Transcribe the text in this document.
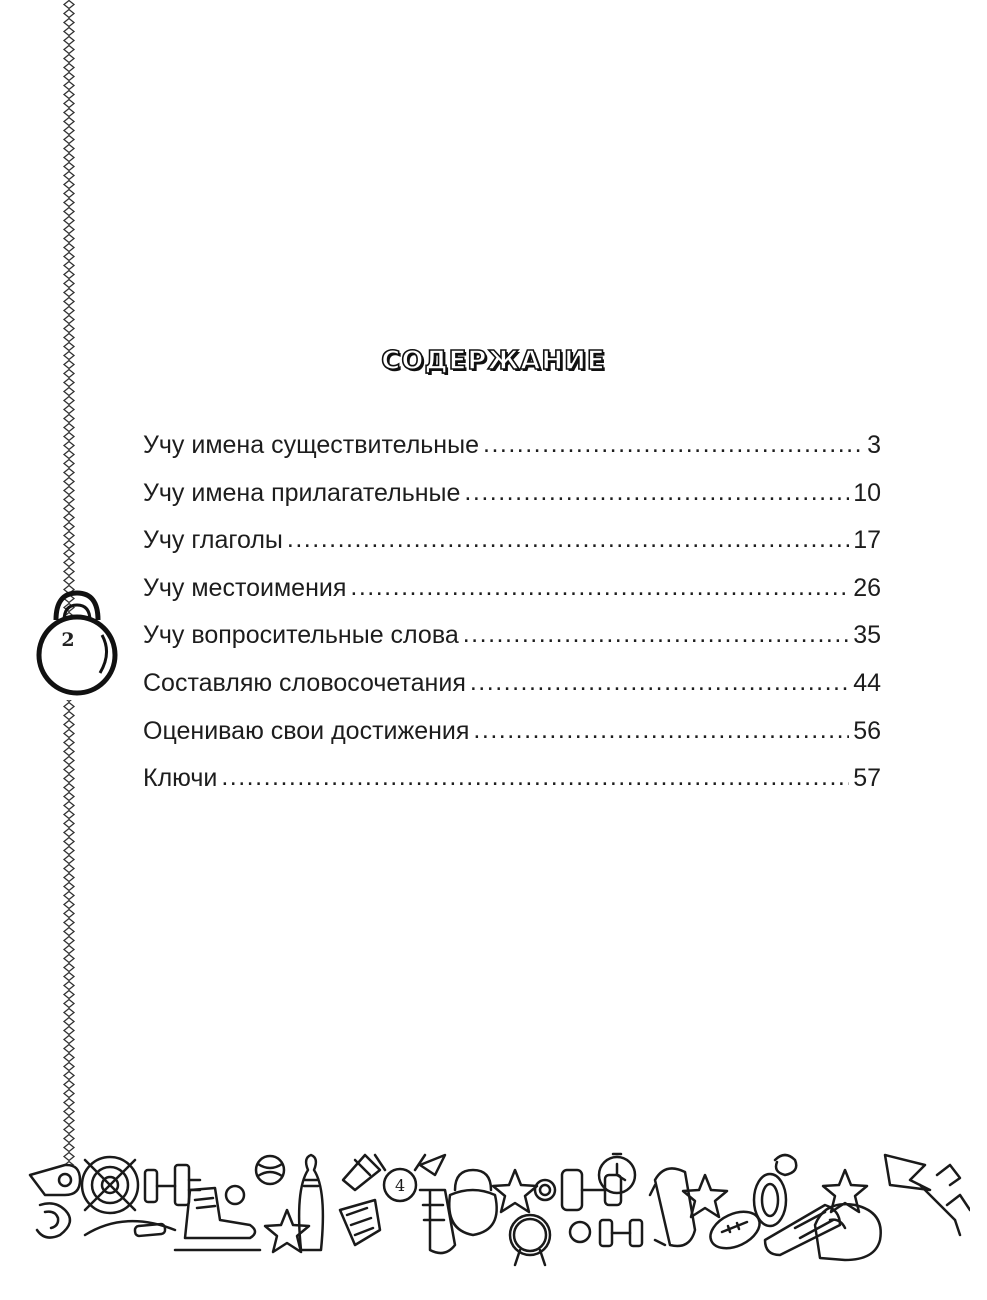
2
СОДЕРЖАНИЕ
Учу имена существительные .....	3
Учу имена прилагательные .....	10
Учу глаголы .....	17
Учу местоимения .....	26
Учу вопросительные слова .....	35
Составляю словосочетания .....	44
Оцениваю свои достижения .....	56
Ключи .....	57
4
